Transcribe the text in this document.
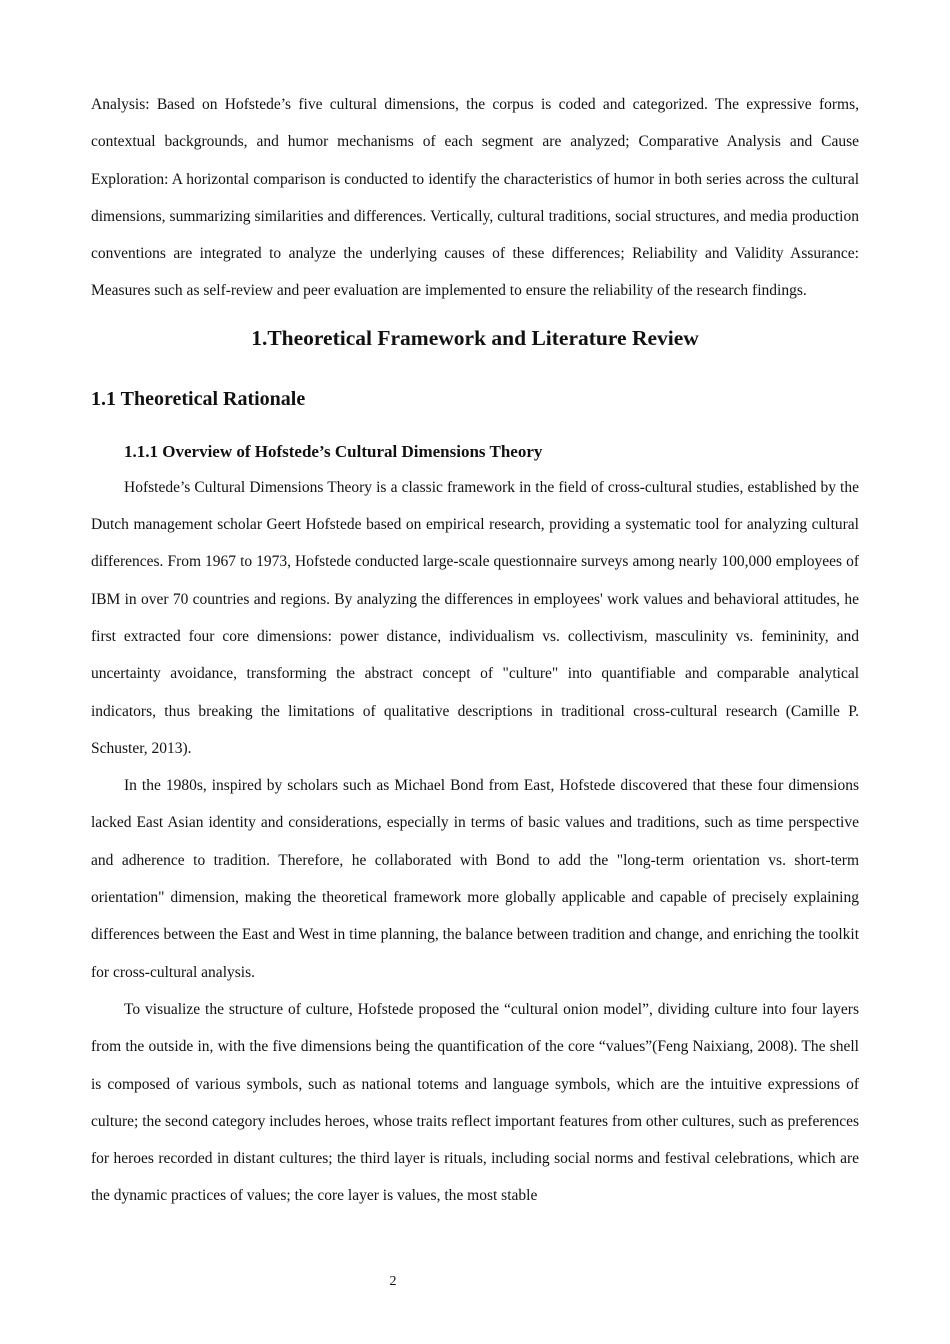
Analysis: Based on Hofstede’s five cultural dimensions, the corpus is coded and categorized. The expressive forms, contextual backgrounds, and humor mechanisms of each segment are analyzed; Comparative Analysis and Cause Exploration: A horizontal comparison is conducted to identify the characteristics of humor in both series across the cultural dimensions, summarizing similarities and differences. Vertically, cultural traditions, social structures, and media production conventions are integrated to analyze the underlying causes of these differences; Reliability and Validity Assurance: Measures such as self-review and peer evaluation are implemented to ensure the reliability of the research findings.

1.Theoretical Framework and Literature Review
1.1 Theoretical Rationale
1.1.1 Overview of Hofstede’s Cultural Dimensions Theory

Hofstede’s Cultural Dimensions Theory is a classic framework in the field of cross-cultural studies, established by the Dutch management scholar Geert Hofstede based on empirical research, providing a systematic tool for analyzing cultural differences. From 1967 to 1973, Hofstede conducted large-scale questionnaire surveys among nearly 100,000 employees of IBM in over 70 countries and regions. By analyzing the differences in employees' work values and behavioral attitudes, he first extracted four core dimensions: power distance, individualism vs. collectivism, masculinity vs. femininity, and uncertainty avoidance, transforming the abstract concept of "culture" into quantifiable and comparable analytical indicators, thus breaking the limitations of qualitative descriptions in traditional cross-cultural research (Camille P. Schuster, 2013).

In the 1980s, inspired by scholars such as Michael Bond from East, Hofstede discovered that these four dimensions lacked East Asian identity and considerations, especially in terms of basic values and traditions, such as time perspective and adherence to tradition. Therefore, he collaborated with Bond to add the "long-term orientation vs. short-term orientation" dimension, making the theoretical framework more globally applicable and capable of precisely explaining differences between the East and West in time planning, the balance between tradition and change, and enriching the toolkit for cross-cultural analysis.

To visualize the structure of culture, Hofstede proposed the “cultural onion model”, dividing culture into four layers from the outside in, with the five dimensions being the quantification of the core “values”(Feng Naixiang, 2008). The shell is composed of various symbols, such as national totems and language symbols, which are the intuitive expressions of culture; the second category includes heroes, whose traits reflect important features from other cultures, such as preferences for heroes recorded in distant cultures; the third layer is rituals, including social norms and festival celebrations, which are the dynamic practices of values; the core layer is values, the most stable

2
